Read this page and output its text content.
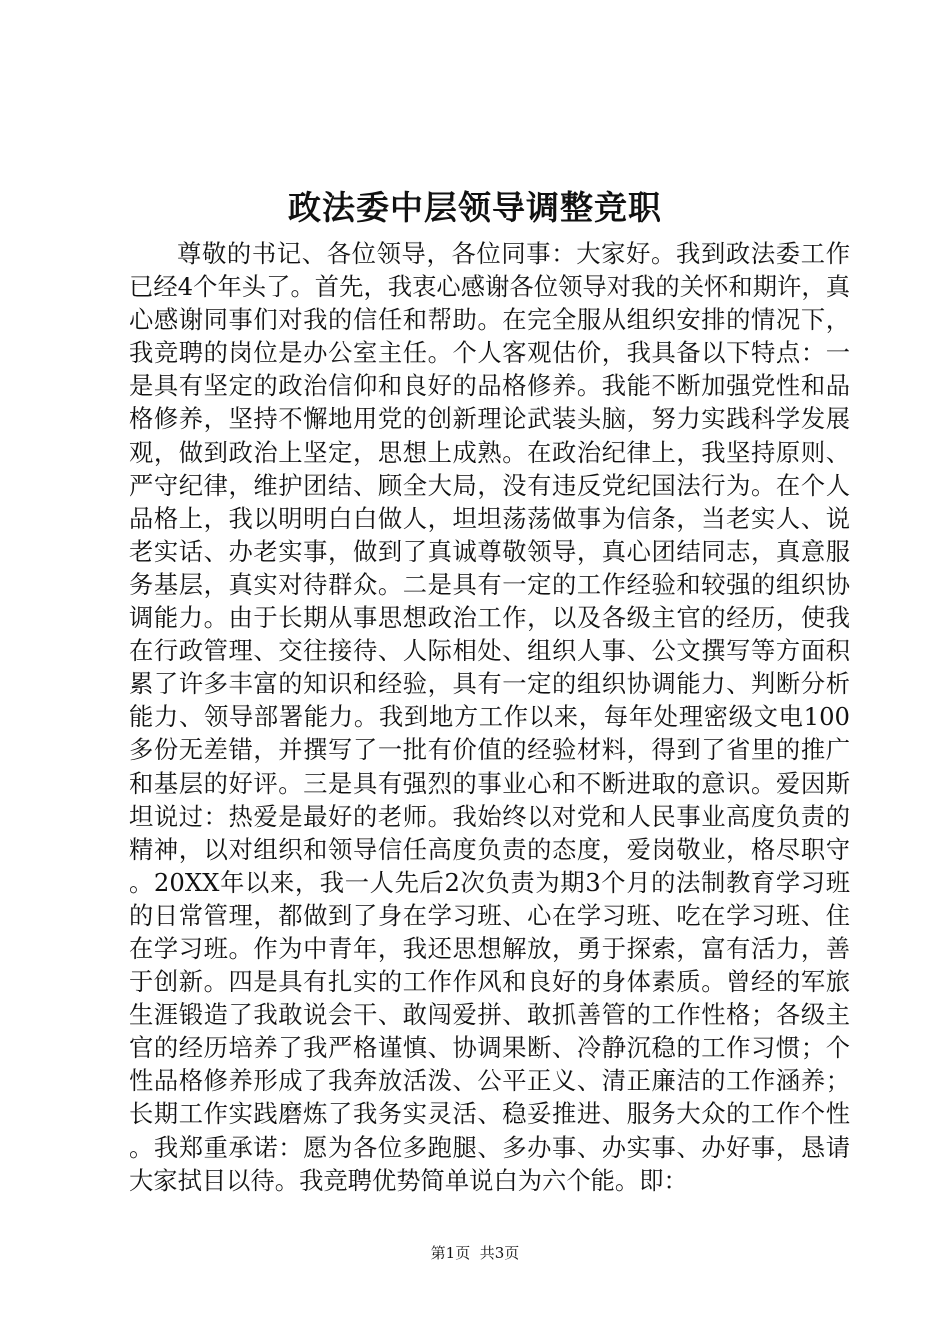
政法委中层领导调整竞职

尊敬的书记、各位领导，各位同事：大家好。我到政法委工作已经4个年头了。首先，我衷心感谢各位领导对我的关怀和期许，真心感谢同事们对我的信任和帮助。在完全服从组织安排的情况下，我竞聘的岗位是办公室主任。个人客观估价，我具备以下特点：一是具有坚定的政治信仰和良好的品格修养。我能不断加强党性和品格修养，坚持不懈地用党的创新理论武装头脑，努力实践科学发展观，做到政治上坚定，思想上成熟。在政治纪律上，我坚持原则、严守纪律，维护团结、顾全大局，没有违反党纪国法行为。在个人品格上，我以明明白白做人，坦坦荡荡做事为信条，当老实人、说老实话、办老实事，做到了真诚尊敬领导，真心团结同志，真意服务基层，真实对待群众。二是具有一定的工作经验和较强的组织协调能力。由于长期从事思想政治工作，以及各级主官的经历，使我在行政管理、交往接待、人际相处、组织人事、公文撰写等方面积累了许多丰富的知识和经验，具有一定的组织协调能力、判断分析能力、领导部署能力。我到地方工作以来，每年处理密级文电100多份无差错，并撰写了一批有价值的经验材料，得到了省里的推广和基层的好评。三是具有强烈的事业心和不断进取的意识。爱因斯坦说过：热爱是最好的老师。我始终以对党和人民事业高度负责的精神，以对组织和领导信任高度负责的态度，爱岗敬业，格尽职守。20XX年以来，我一人先后2次负责为期3个月的法制教育学习班的日常管理，都做到了身在学习班、心在学习班、吃在学习班、住在学习班。作为中青年，我还思想解放，勇于探索，富有活力，善于创新。四是具有扎实的工作作风和良好的身体素质。曾经的军旅生涯锻造了我敢说会干、敢闯爱拼、敢抓善管的工作性格；各级主官的经历培养了我严格谨慎、协调果断、冷静沉稳的工作习惯；个性品格修养形成了我奔放活泼、公平正义、清正廉洁的工作涵养；长期工作实践磨炼了我务实灵活、稳妥推进、服务大众的工作个性。我郑重承诺：愿为各位多跑腿、多办事、办实事、办好事，恳请大家拭目以待。我竞聘优势简单说白为六个能。即：

第1页 共3页
